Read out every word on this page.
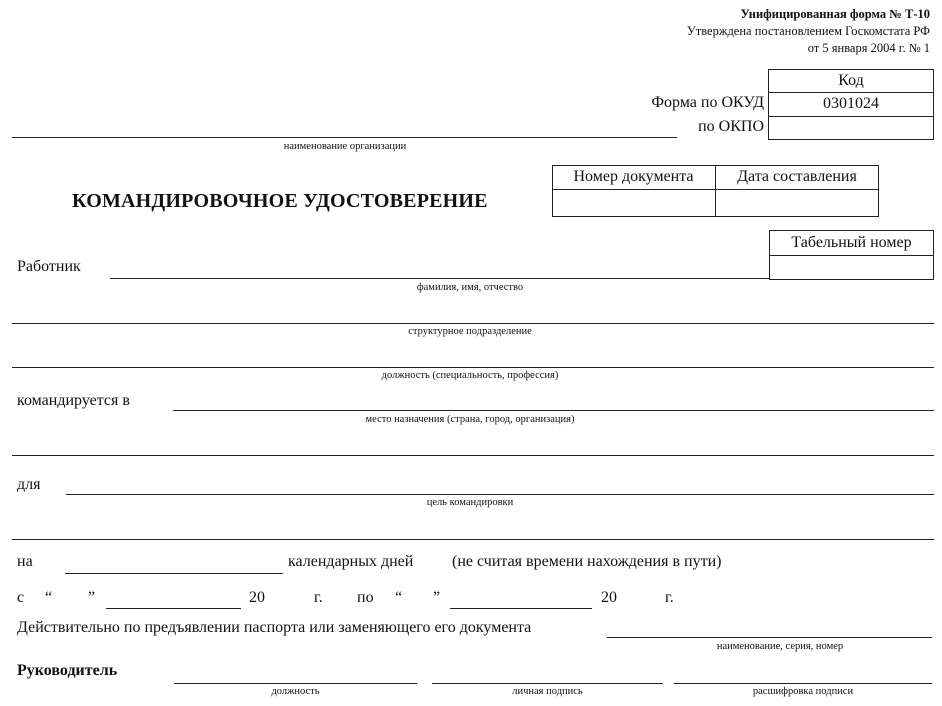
Унифицированная форма № Т-10
Утверждена постановлением Госкомстата РФ
от 5 января 2004 г. № 1
Код
0301024
Форма по ОКУД
по ОКПО
наименование организации
КОМАНДИРОВОЧНОЕ УДОСТОВЕРЕНИЕ
Номер документа	Дата составления
Табельный номер
Работник
фамилия, имя, отчество
структурное подразделение
должность (специальность, профессия)
командируется в
место назначения (страна, город, организация)
для
цель командировки
на	календарных дней (не считая времени нахождения в пути)
с “ ”	20	г. по “ ”	20	г.
Действительно по предъявлении паспорта или заменяющего его документа
наименование, серия, номер
Руководитель
должность	личная подпись	расшифровка подписи
